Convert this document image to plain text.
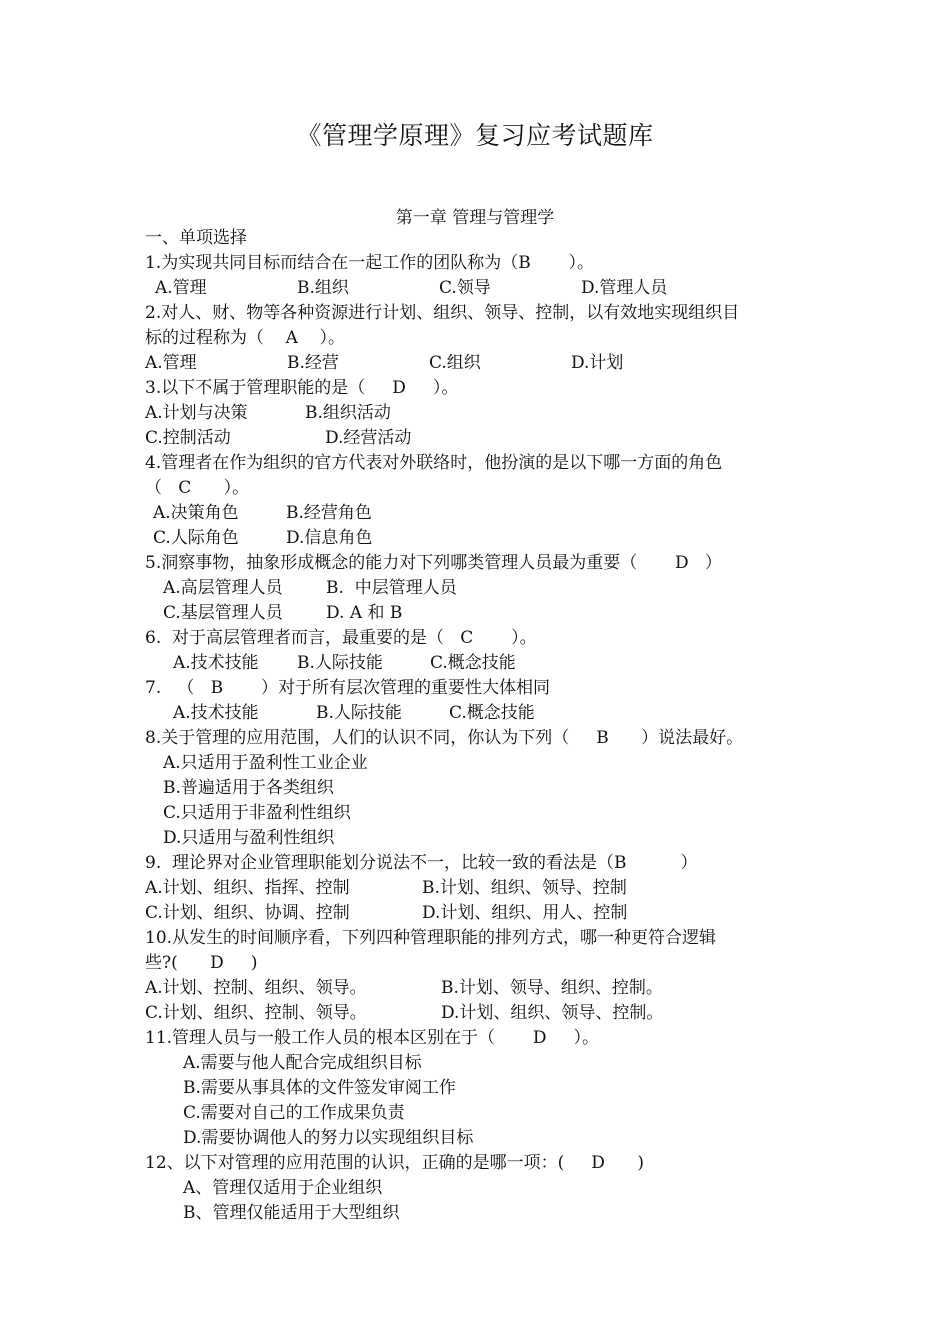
《管理学原理》复习应考试题库
第一章 管理与管理学
一、单项选择
1.为实现共同目标而结合在一起工作的团队称为（B       ）。
A.管理	B.组织	C.领导	D.管理人员
2.对人、财、物等各种资源进行计划、组织、领导、控制，以有效地实现组织目
标的过程称为（    A    ）。
A.管理	B.经营	C.组织	D.计划
3.以下不属于管理职能的是（     D     ）。
A.计划与决策	B.组织活动
C.控制活动	D.经营活动
4.管理者在作为组织的官方代表对外联络时，他扮演的是以下哪一方面的角色
（   C      ）。
A.决策角色	B.经营角色
C.人际角色	D.信息角色
5.洞察事物，抽象形成概念的能力对下列哪类管理人员最为重要（       D   ）
A.高层管理人员	B.  中层管理人员
C.基层管理人员	D. A 和 B
6.  对于高层管理者而言，最重要的是（   C       ）。
A.技术技能 B.人际技能	C.概念技能
7.   （   B       ）对于所有层次管理的重要性大体相同
A.技术技能	B.人际技能	C.概念技能
8.关于管理的应用范围，人们的认识不同，你认为下列（     B      ）说法最好。
A.只适用于盈利性工业企业
B.普遍适用于各类组织
C.只适用于非盈利性组织
D.只适用与盈利性组织
9.  理论界对企业管理职能划分说法不一，比较一致的看法是（B          ）
A.计划、组织、指挥、控制	B.计划、组织、领导、控制
C.计划、组织、协调、控制	D.计划、组织、用人、控制
10.从发生的时间顺序看，下列四种管理职能的排列方式，哪一种更符合逻辑
些?(      D     )
A.计划、控制、组织、领导。	B.计划、领导、组织、控制。
C.计划、组织、控制、领导。	D.计划、组织、领导、控制。
11.管理人员与一般工作人员的根本区别在于（       D     ）。
A.需要与他人配合完成组织目标
B.需要从事具体的文件签发审阅工作
C.需要对自己的工作成果负责
D.需要协调他人的努力以实现组织目标
12、以下对管理的应用范围的认识，正确的是哪一项：(     D      )
A、管理仅适用于企业组织
B、管理仅能适用于大型组织
